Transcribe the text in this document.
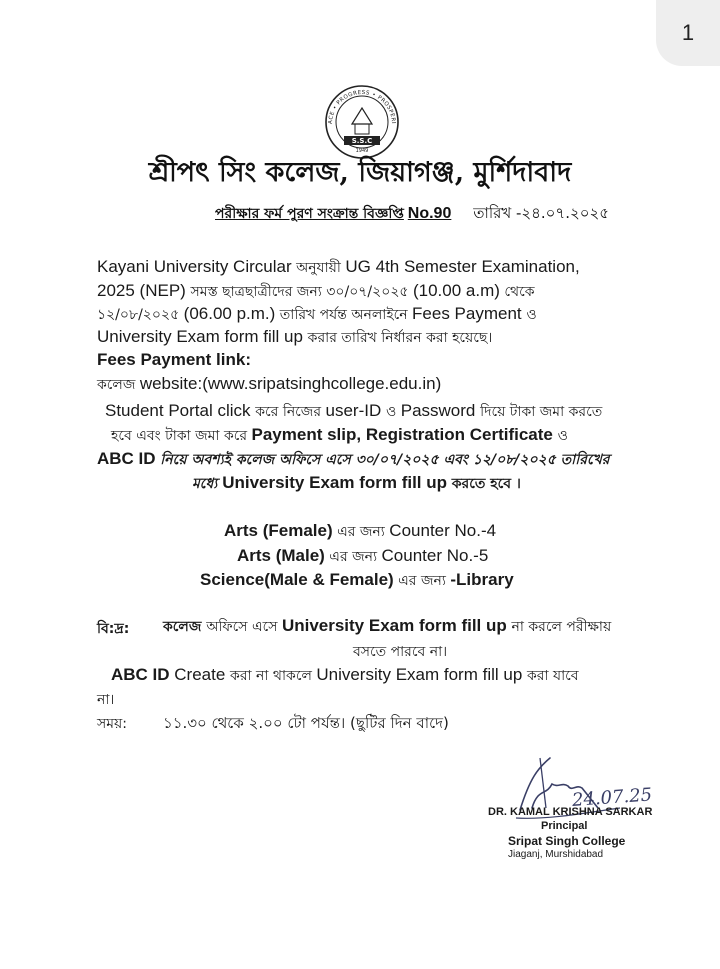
1
ACE • PROGRESS • PROSPERI
S.S.C
1949
শ্রীপৎ সিং কলেজ, জিয়াগঞ্জ, মুর্শিদাবাদ
পরীক্ষার ফর্ম পুরণ সংক্রান্ত বিজ্ঞপ্তি No.90 তারিখ -২৪.০৭.২০২৫
Kayani University Circular অনুযায়ী UG 4th Semester Examination,
2025 (NEP) সমস্ত ছাত্রছাত্রীদের জন্য ৩০/০৭/২০২৫ (10.00 a.m) থেকে
১২/০৮/২০২৫ (06.00 p.m.) তারিখ পর্যন্ত অনলাইনে Fees Payment ও
University Exam form fill up করার তারিখ নির্ধারন করা হয়েছে।
Fees Payment link:
কলেজ website:(www.sripatsinghcollege.edu.in)
Student Portal click করে নিজের user-ID ও Password দিয়ে টাকা জমা করতে
হবে এবং টাকা জমা করে Payment slip, Registration Certificate ও
ABC ID নিয়ে অবশ্যই কলেজ অফিসে এসে ৩০/০৭/২০২৫ এবং ১২/০৮/২০২৫ তারিখের
মধ্যে University Exam form fill up করতে হবে ।
Arts (Female) এর জন্য Counter No.-4
Arts (Male) এর জন্য Counter No.-5
Science(Male & Female) এর জন্য -Library
বি:দ্র: কলেজ অফিসে এসে University Exam form fill up না করলে পরীক্ষায়
বসতে পারবে না।
ABC ID Create করা না থাকলে University Exam form fill up করা যাবে
না।
সময়: ১১.৩০ থেকে ২.০০ টো পর্যন্ত। (ছুটির দিন বাদে)
24.07.25
DR. KAMAL KRISHNA SARKAR
Principal
Sripat Singh College
Jiaganj, Murshidabad
